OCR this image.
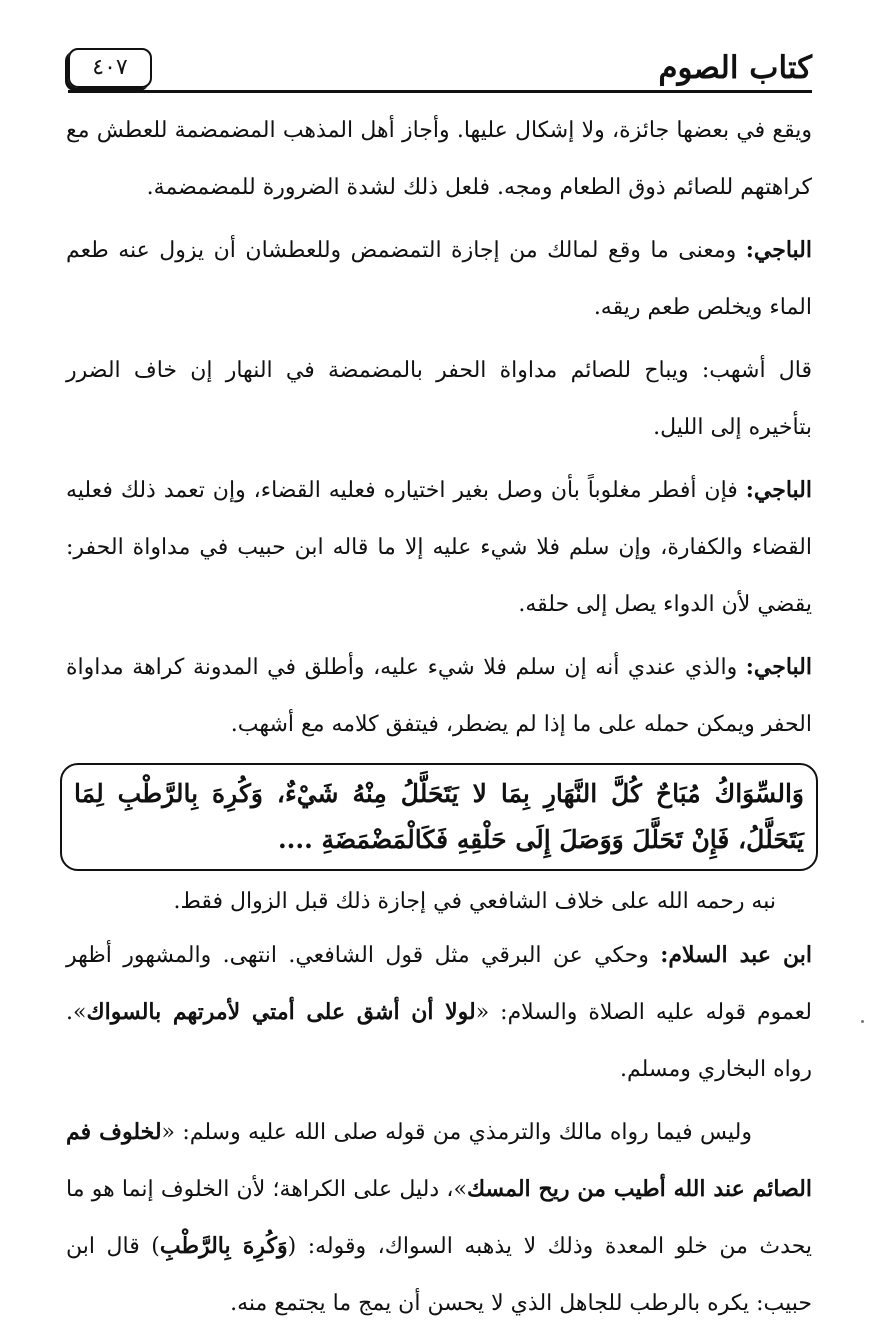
كتاب الصوم
٤٠٧

ويقع في بعضها جائزة، ولا إشكال عليها. وأجاز أهل المذهب المضمضمة للعطش مع كراهتهم للصائم ذوق الطعام ومجه. فلعل ذلك لشدة الضرورة للمضمضمة.

الباجي: ومعنى ما وقع لمالك من إجازة التمضمض وللعطشان أن يزول عنه طعم الماء ويخلص طعم ريقه.

قال أشهب: ويباح للصائم مداواة الحفر بالمضمضة في النهار إن خاف الضرر بتأخيره إلى الليل.

الباجي: فإن أفطر مغلوباً بأن وصل بغير اختياره فعليه القضاء، وإن تعمد ذلك فعليه القضاء والكفارة، وإن سلم فلا شيء عليه إلا ما قاله ابن حبيب في مداواة الحفر: يقضي لأن الدواء يصل إلى حلقه.

الباجي: والذي عندي أنه إن سلم فلا شيء عليه، وأطلق في المدونة كراهة مداواة الحفر ويمكن حمله على ما إذا لم يضطر، فيتفق كلامه مع أشهب.

وَالسِّوَاكُ مُبَاحٌ كُلَّ النَّهَارِ بِمَا لا يَتَحَلَّلُ مِنْهُ شَيْءٌ، وَكُرِهَ بِالرَّطْبِ لِمَا يَتَحَلَّلُ، فَإِنْ تَحَلَّلَ وَوَصَلَ إِلَى حَلْقِهِ فَكَالْمَضْمَضَةِ ....

نبه رحمه الله على خلاف الشافعي في إجازة ذلك قبل الزوال فقط.

ابن عبد السلام: وحكي عن البرقي مثل قول الشافعي. انتهى. والمشهور أظهر لعموم قوله عليه الصلاة والسلام: «لولا أن أشق على أمتي لأمرتهم بالسواك». رواه البخاري ومسلم.

وليس فيما رواه مالك والترمذي من قوله صلى الله عليه وسلم: «لخلوف فم الصائم عند الله أطيب من ريح المسك»، دليل على الكراهة؛ لأن الخلوف إنما هو ما يحدث من خلو المعدة وذلك لا يذهبه السواك، وقوله: (وَكُرِهَ بِالرَّطْبِ) قال ابن حبيب: يكره بالرطب للجاهل الذي لا يحسن أن يمج ما يجتمع منه.
